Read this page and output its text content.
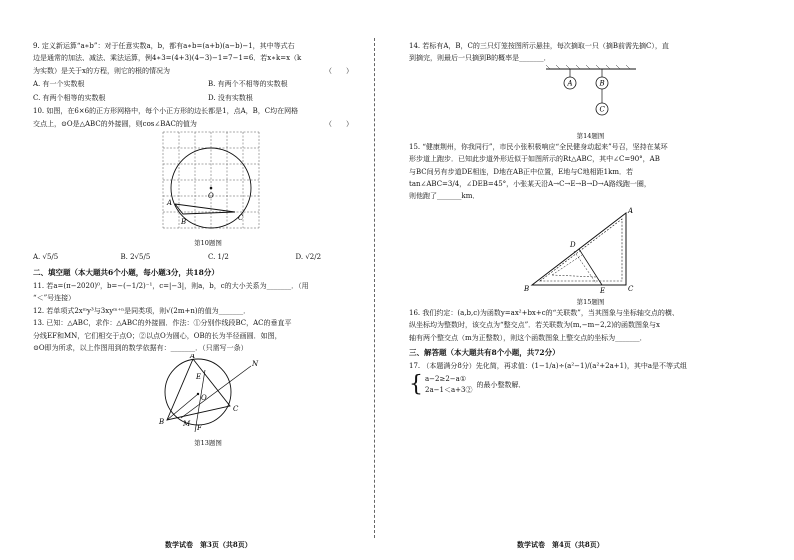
9. 定义新运算“a∗b”：对于任意实数a，b，都有a∗b=(a+b)(a−b)−1，其中等式右
边是通常的加法、减法、乘法运算，例4∗3=(4+3)(4−3)−1=7−1=6．若x∗k=x（k
为实数）是关于x的方程，则它的根的情况为	（　　）
A. 有一个实数根	B. 有两个不相等的实数根
C. 有两个相等的实数根	D. 没有实数根
10. 如图，在6×6的正方形网格中，每个小正方形的边长都是1，点A，B，C均在网格
交点上，⊙O是△ABC的外接圆，则cos∠BAC的值为	（　　）
O
A
B	C
第10题图
A. √5/5	B. 2√5/5	C. 1/2	D. √2/2
二、填空题（本大题共6个小题，每小题3分，共18分）
11. 若a=(π−2020)⁰，b=−(−1/2)⁻¹，c=|−3|，则a，b，c的大小关系为_______．（用
“＜”号连接）
12. 若单项式2xᵐy³与3xyᵐ⁺ⁿ是同类项，则√(2m+n)的值为_______．
13. 已知：△ABC，求作：△ABC的外接圆．作法：①分别作线段BC，AC的垂直平
分线EF和MN，它们相交于点O；②以点O为圆心，OB的长为半径画圆．如图，
⊙O即为所求，以上作图用到的数学依据有：_______．（只需写一条）
A
B
C
E
F
M
N
O
第13题图
数学试卷　第3页（共8页）
14. 若标有A，B，C的三只灯笼按图所示悬挂，每次摘取一只（摘B前需先摘C），直
到摘完，则最后一只摘到B的概率是_______．
A	B
C
第14题图
15. “健康荆州，你我同行”，市民小张积极响应“全民健身动起来”号召，坚持在某环
形步道上跑步．已知此步道外形近似于如图所示的Rt△ABC，其中∠C=90°，AB
与BC间另有步道DE相连，D地在AB正中位置，E地与C地相距1km．若
tan∠ABC=3/4，∠DEB=45°，小张某天沿A→C→E→B→D→A路线跑一圈，
则他跑了_______km．
A
B	C
D
E
第15题图
16. 我们约定：(a,b,c)为函数y=ax²+bx+c的“关联数”，当其图象与坐标轴交点的横、
纵坐标均为整数时，该交点为“整交点”．若关联数为(m,−m−2,2)的函数图象与x
轴有两个整交点（m为正整数），则这个函数图象上整交点的坐标为_______．
三、解答题（本大题共有8个小题，共72分）
17. （本题满分8分）先化简，再求值：(1−1/a)÷(a²−1)/(a²+2a+1)，其中a是不等式组
{ a−2≥2−a①
2a−1＜a+3②
的最小整数解．
数学试卷　第4页（共8页）
